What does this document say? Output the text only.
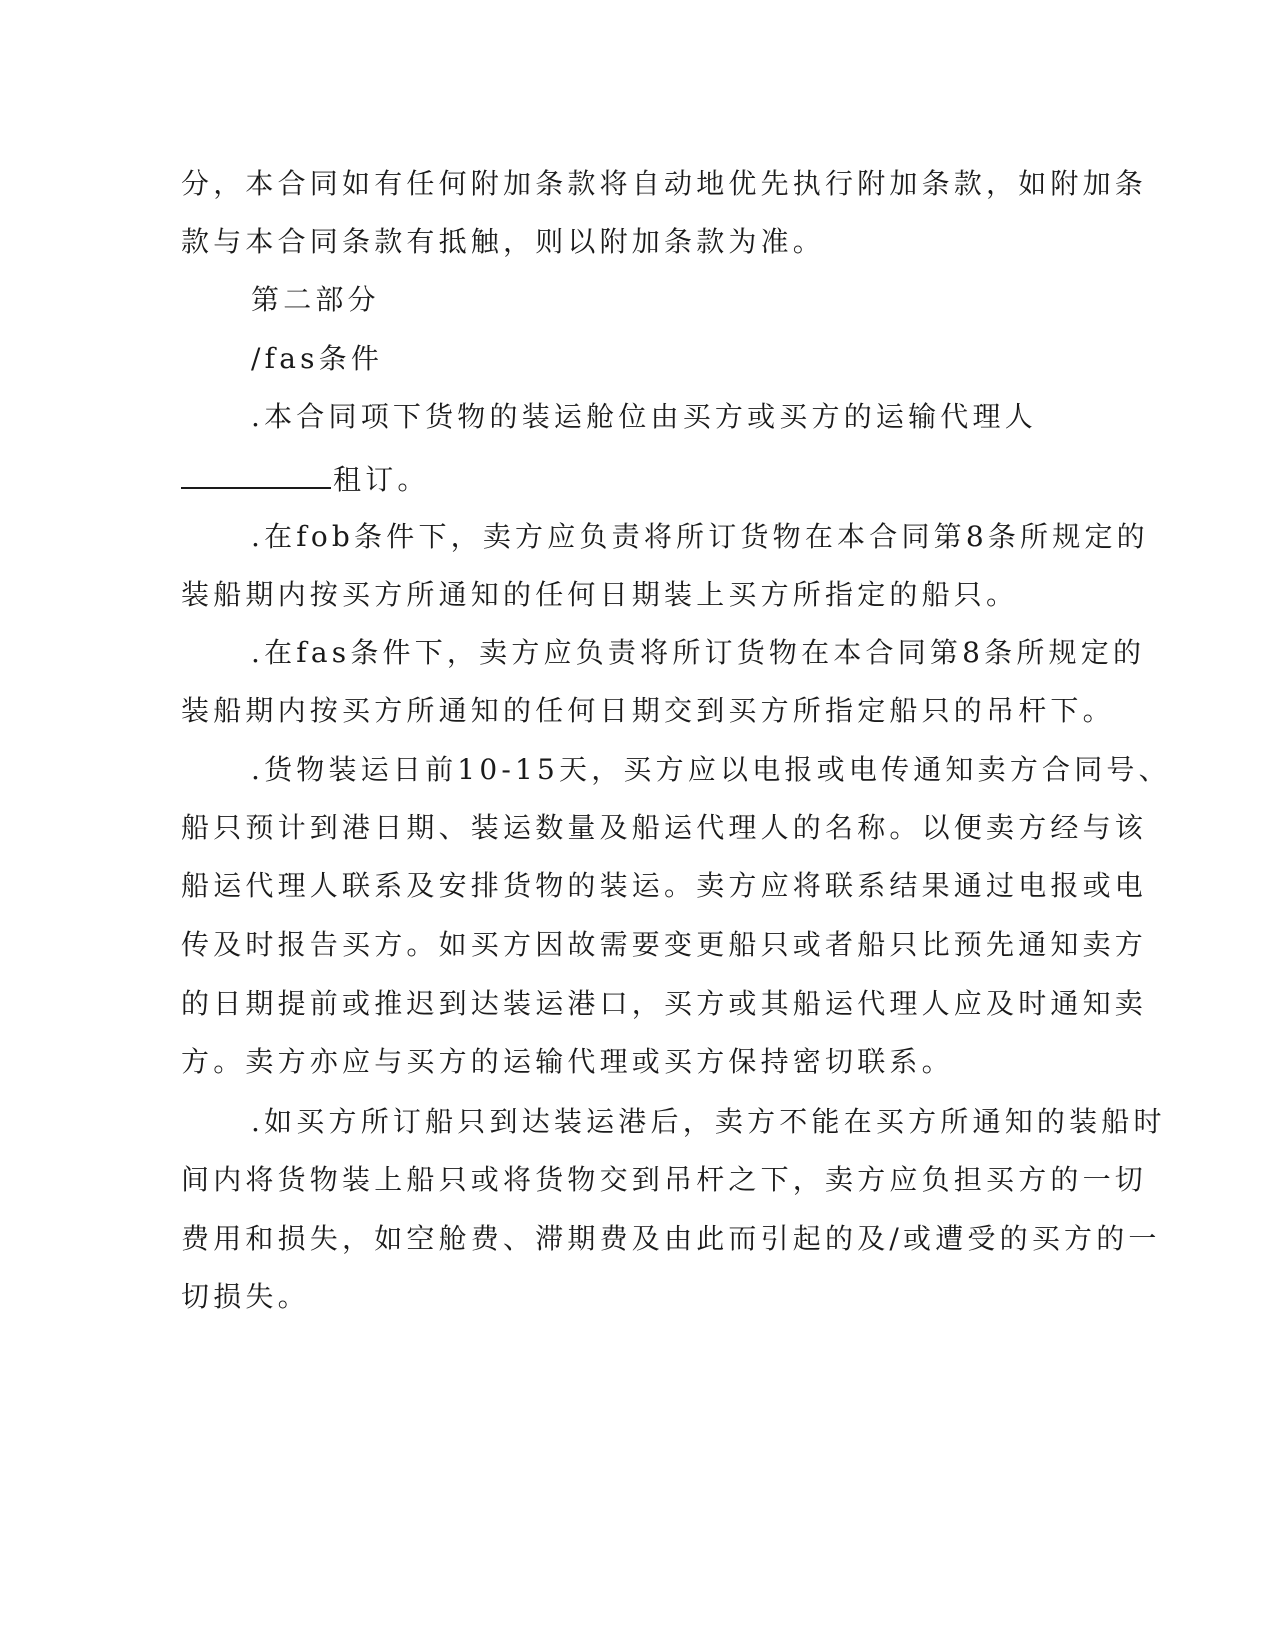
分，本合同如有任何附加条款将自动地优先执行附加条款，如附加条
款与本合同条款有抵触，则以附加条款为准。
第二部分
/fas条件
.本合同项下货物的装运舱位由买方或买方的运输代理人
租订。
.在fob条件下，卖方应负责将所订货物在本合同第8条所规定的
装船期内按买方所通知的任何日期装上买方所指定的船只。
.在fas条件下，卖方应负责将所订货物在本合同第8条所规定的
装船期内按买方所通知的任何日期交到买方所指定船只的吊杆下。
.货物装运日前10-15天，买方应以电报或电传通知卖方合同号、
船只预计到港日期、装运数量及船运代理人的名称。以便卖方经与该
船运代理人联系及安排货物的装运。卖方应将联系结果通过电报或电
传及时报告买方。如买方因故需要变更船只或者船只比预先通知卖方
的日期提前或推迟到达装运港口，买方或其船运代理人应及时通知卖
方。卖方亦应与买方的运输代理或买方保持密切联系。
.如买方所订船只到达装运港后，卖方不能在买方所通知的装船时
间内将货物装上船只或将货物交到吊杆之下，卖方应负担买方的一切
费用和损失，如空舱费、滞期费及由此而引起的及/或遭受的买方的一
切损失。
